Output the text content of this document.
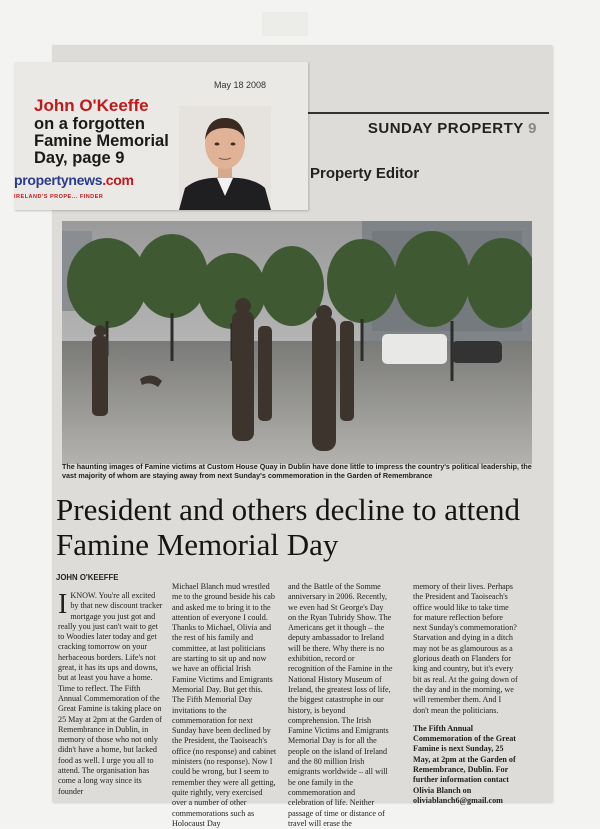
SUNDAY PROPERTY 9
Property Editor
May 18 2008
John O'Keeffe
on a forgotten Famine Memorial Day, page 9
propertynews.com
IRELAND'S PROPE... FINDER
The haunting images of Famine victims at Custom House Quay in Dublin have done little to impress the country's political leadership, the vast majority of whom are staying away from next Sunday's commemoration in the Garden of Remembrance
President and others decline to attend Famine Memorial Day
JOHN O'KEEFFE
IKNOW. You're all excited by that new discount tracker mortgage you just got and really you just can't wait to get to Woodies later today and get cracking tomorrow on your herbaceous borders. Life's not great, it has its ups and downs, but at least you have a home. Time to reflect. The Fifth Annual Commemoration of the Great Famine is taking place on 25 May at 2pm at the Garden of Remembrance in Dublin, in memory of those who not only didn't have a home, but lacked food as well. I urge you all to attend. The organisation has come a long way since its founder
Michael Blanch mud wrestled me to the ground beside his cab and asked me to bring it to the attention of everyone I could. Thanks to Michael, Olivia and the rest of his family and committee, at last politicians are starting to sit up and now we have an official Irish Famine Victims and Emigrants Memorial Day. But get this. The Fifth Memorial Day invitations to the commemoration for next Sunday have been declined by the President, the Taoiseach's office (no response) and cabinet ministers (no response). Now I could be wrong, but I seem to remember they were all getting, quite rightly, very exercised over a number of other commemorations such as Holocaust Day
and the Battle of the Somme anniversary in 2006. Recently, we even had St George's Day on the Ryan Tubridy Show. The Americans get it though – the deputy ambassador to Ireland will be there. Why there is no exhibition, record or recognition of the Famine in the National History Museum of Ireland, the greatest loss of life, the biggest catastrophe in our history, is beyond comprehension. The Irish Famine Victims and Emigrants Memorial Day is for all the people on the island of Ireland and the 80 million Irish emigrants worldwide – all will be one family in the commemoration and celebration of life. Neither passage of time or distance of travel will erase the
memory of their lives. Perhaps the President and Taoiseach's office would like to take time for mature reflection before next Sunday's commemoration? Starvation and dying in a ditch may not be as glamourous as a glorious death on Flanders for king and country, but it's every bit as real. At the going down of the day and in the morning, we will remember them. And I don't mean the politicians.

The Fifth Annual Commemoration of the Great Famine is next Sunday, 25 May, at 2pm at the Garden of Remembrance, Dublin. For further information contact Olivia Blanch on oliviablanch6@gmail.com
